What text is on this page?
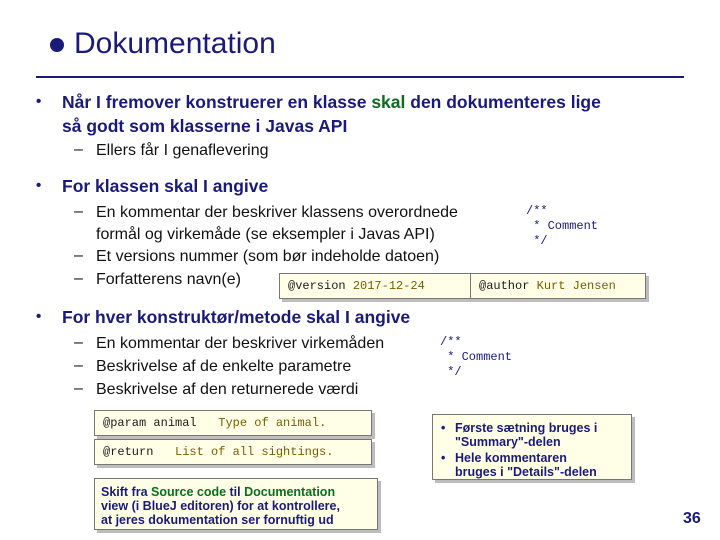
Dokumentation
• Når I fremover konstruerer en klasse skal den dokumenteres lige
så godt som klasserne i Javas API
– Ellers får I genaflevering
• For klassen skal I angive
– En kommentar der beskriver klassens overordnede
formål og virkemåde (se eksempler i Javas API)
– Et versions nummer (som bør indeholde datoen)
– Forfatterens navn(e)
/**
* Comment
*/
@version
2017-12-24	@author
Kurt Jensen
• For hver konstruktør/metode skal I angive
– En kommentar der beskriver virkemåden
– Beskrivelse af de enkelte parametre
– Beskrivelse af den returnerede værdi
/**
* Comment
*/
@param
animal
Type of animal.
@return
List of all sightings.
• Første sætning bruges i
"Summary"-delen
• Hele kommentaren
bruges i "Details"-delen
Skift fra Source code til Documentation
view (i BlueJ editoren) for at kontrollere,
at jeres dokumentation ser fornuftig ud	36
